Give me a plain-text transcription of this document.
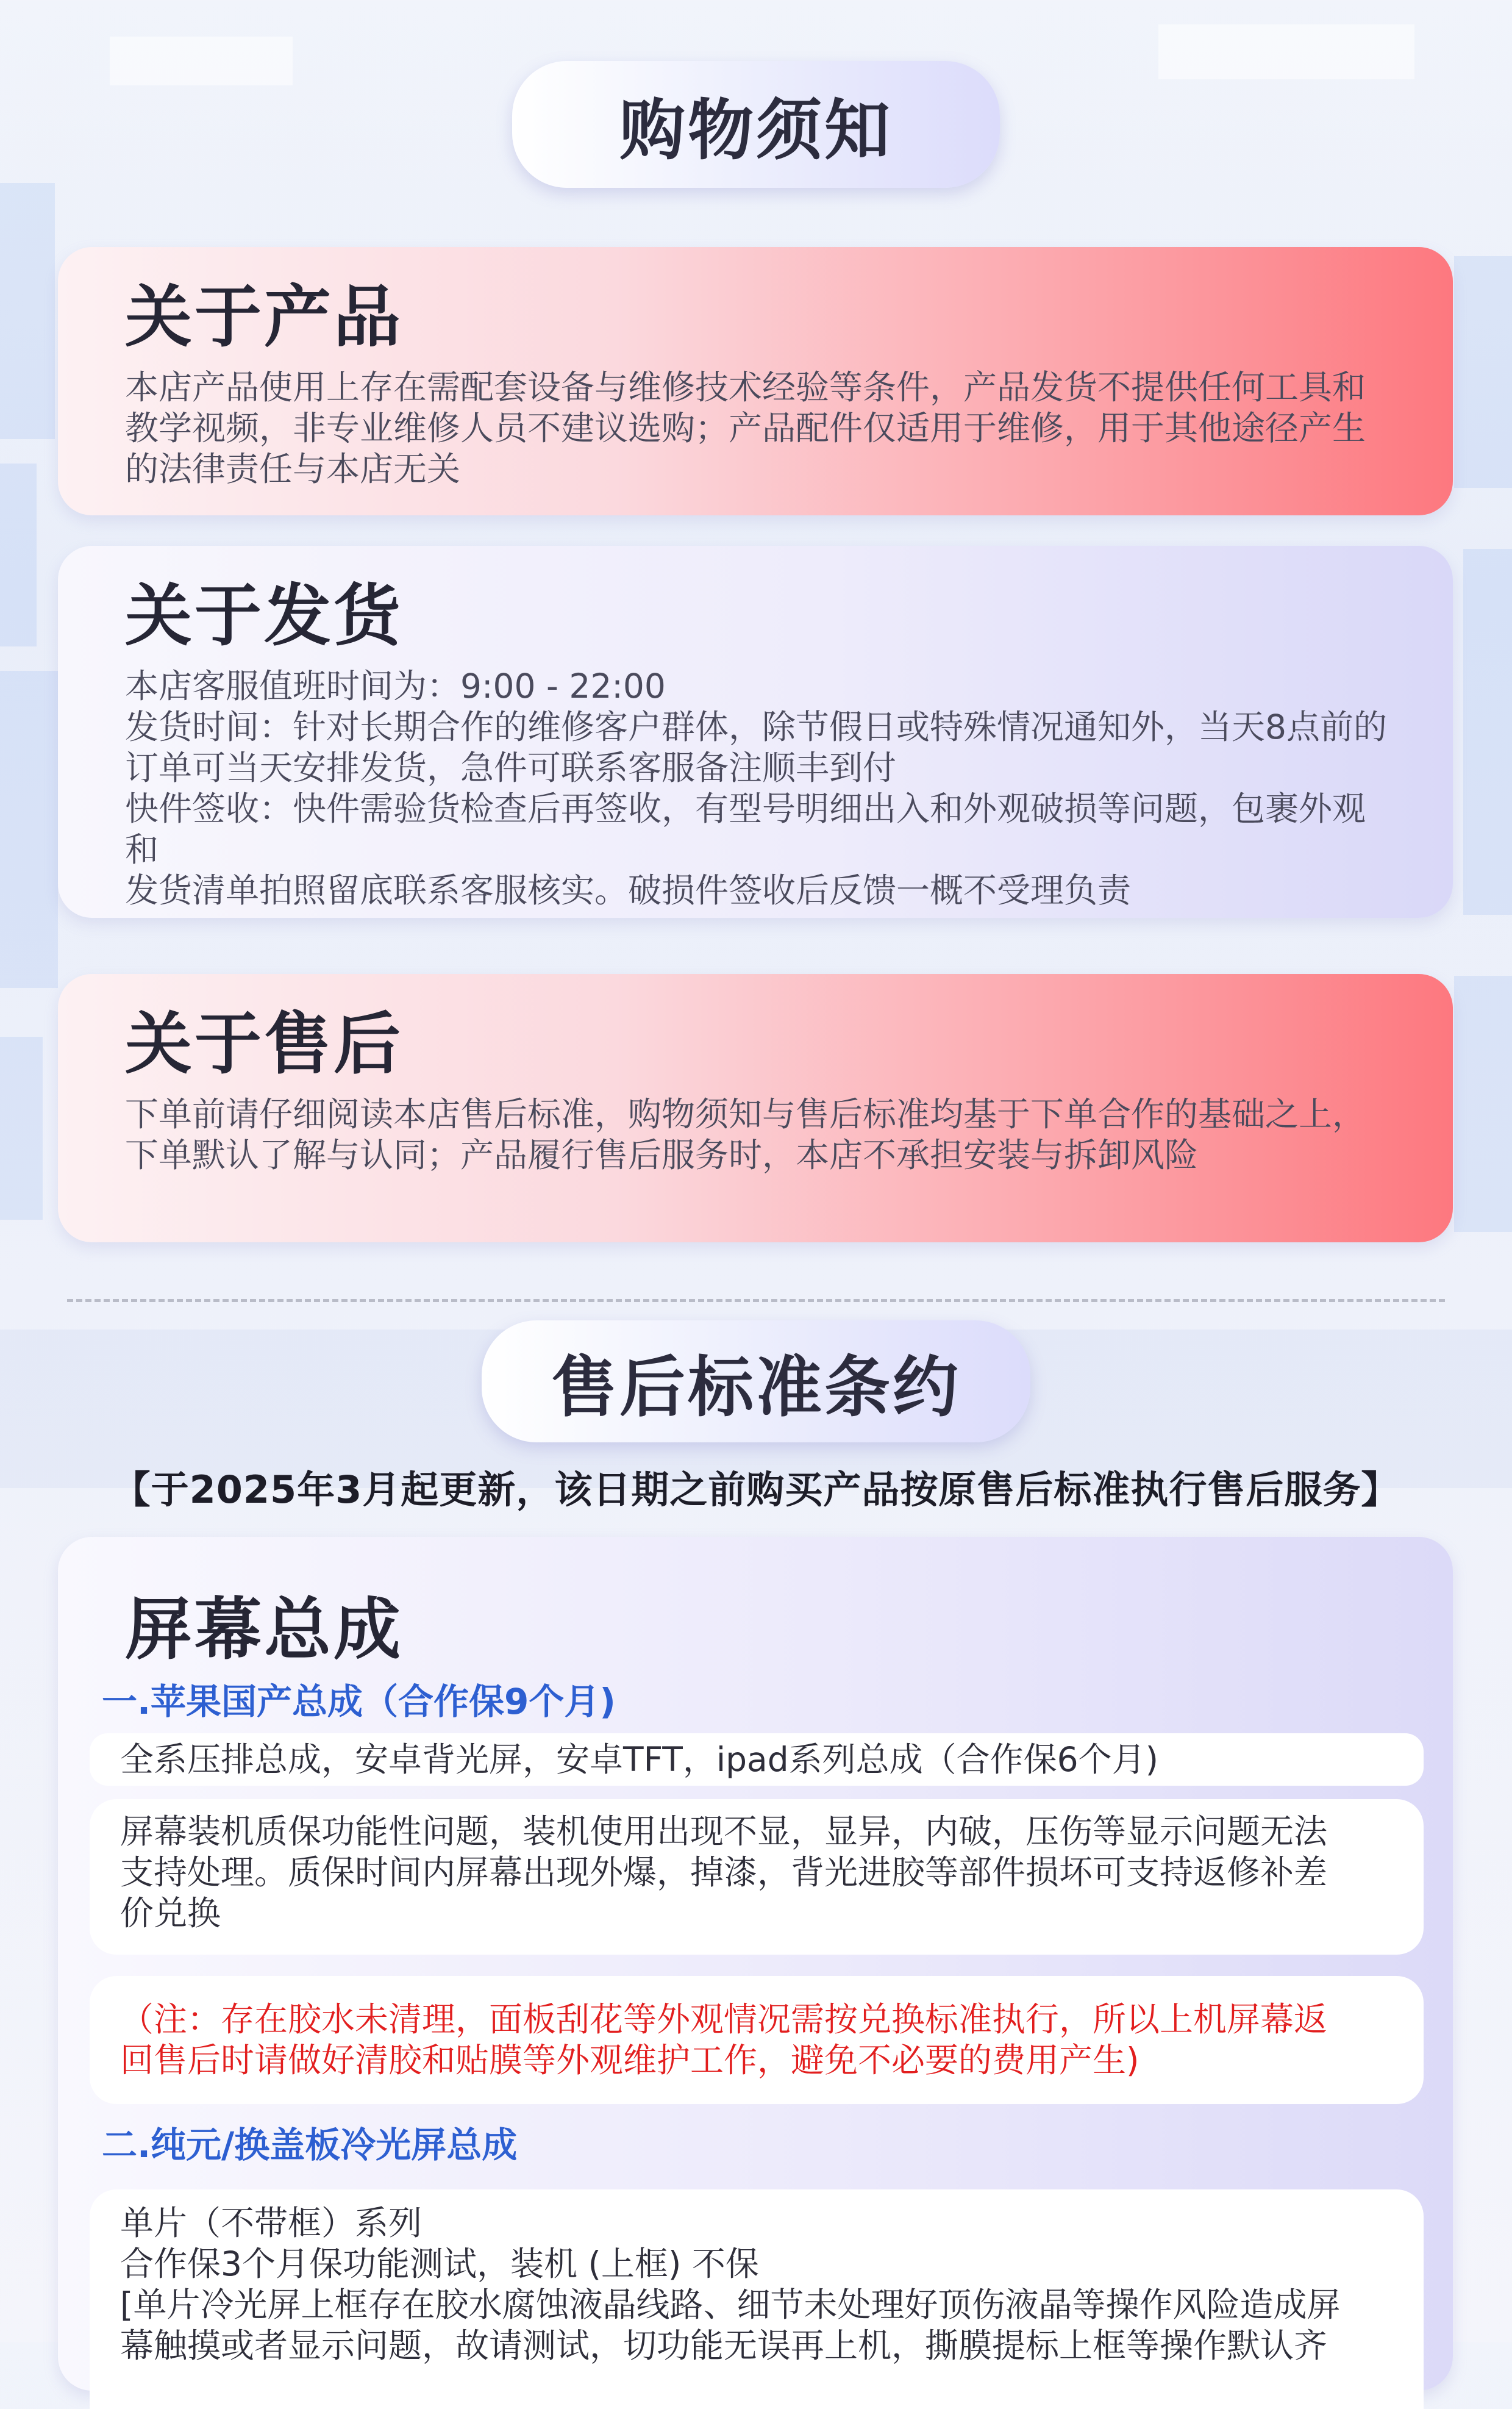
购物须知
关于产品

本店产品使用上存在需配套设备与维修技术经验等条件，产品发货不提供任何工具和

教学视频，非专业维修人员不建议选购；产品配件仅适用于维修，用于其他途径产生

的法律责任与本店无关

关于发货

本店客服值班时间为：9:00 - 22:00

发货时间：针对长期合作的维修客户群体，除节假日或特殊情况通知外，当天8点前的

订单可当天安排发货，急件可联系客服备注顺丰到付

快件签收：快件需验货检查后再签收，有型号明细出入和外观破损等问题，包裹外观和

发货清单拍照留底联系客服核实。破损件签收后反馈一概不受理负责

关于售后

下单前请仔细阅读本店售后标准，购物须知与售后标准均基于下单合作的基础之上，

下单默认了解与认同；产品履行售后服务时，本店不承担安装与拆卸风险

售后标准条约
【于2025年3月起更新，该日期之前购买产品按原售后标准执行售后服务】
屏幕总成
一.苹果国产总成（合作保9个月)

全系压排总成，安卓背光屏，安卓TFT，ipad系列总成（合作保6个月)

屏幕装机质保功能性问题，装机使用出现不显，显异，内破，压伤等显示问题无法

支持处理。质保时间内屏幕出现外爆，掉漆，背光进胶等部件损坏可支持返修补差

价兑换

（注：存在胶水未清理，面板刮花等外观情况需按兑换标准执行，所以上机屏幕返

回售后时请做好清胶和贴膜等外观维护工作，避免不必要的费用产生)

二.纯元/换盖板冷光屏总成

单片（不带框）系列

合作保3个月保功能测试，装机 (上框) 不保

[单片冷光屏上框存在胶水腐蚀液晶线路、细节未处理好顶伤液晶等操作风险造成屏

幕触摸或者显示问题，故请测试，切功能无误再上机，撕膜提标上框等操作默认齐
